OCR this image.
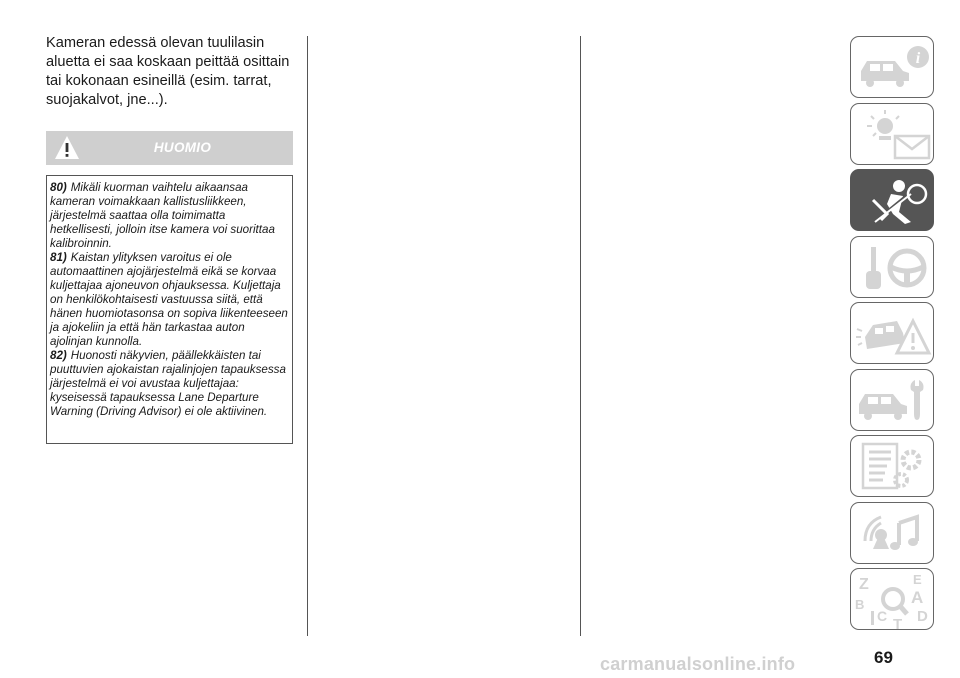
Kameran edessä olevan tuulilasin aluetta ei saa koskaan peittää osittain tai kokonaan esineillä (esim. tarrat, suojakalvot, jne...).
HUOMIO

80) Mikäli kuorman vaihtelu aikaansaa kameran voimakkaan kallistusliikkeen, järjestelmä saattaa olla toimimatta hetkellisesti, jolloin itse kamera voi suorittaa kalibroinnin.

81) Kaistan ylityksen varoitus ei ole automaattinen ajojärjestelmä eikä se korvaa kuljettajaa ajoneuvon ohjauksessa. Kuljettaja on henkilökohtaisesti vastuussa siitä, että hänen huomiotasonsa on sopiva liikenteeseen ja ajokeliin ja että hän tarkastaa auton ajolinjan kunnolla.

82) Huonosti näkyvien, päällekkäisten tai puuttuvien ajokaistan rajalinjojen tapauksessa järjestelmä ei voi avustaa kuljettajaa: kyseisessä tapauksessa Lane Departure Warning (Driving Advisor) ei ole aktiivinen.

i
Z	E
A
B
C T D
69
carmanualsonline.info
